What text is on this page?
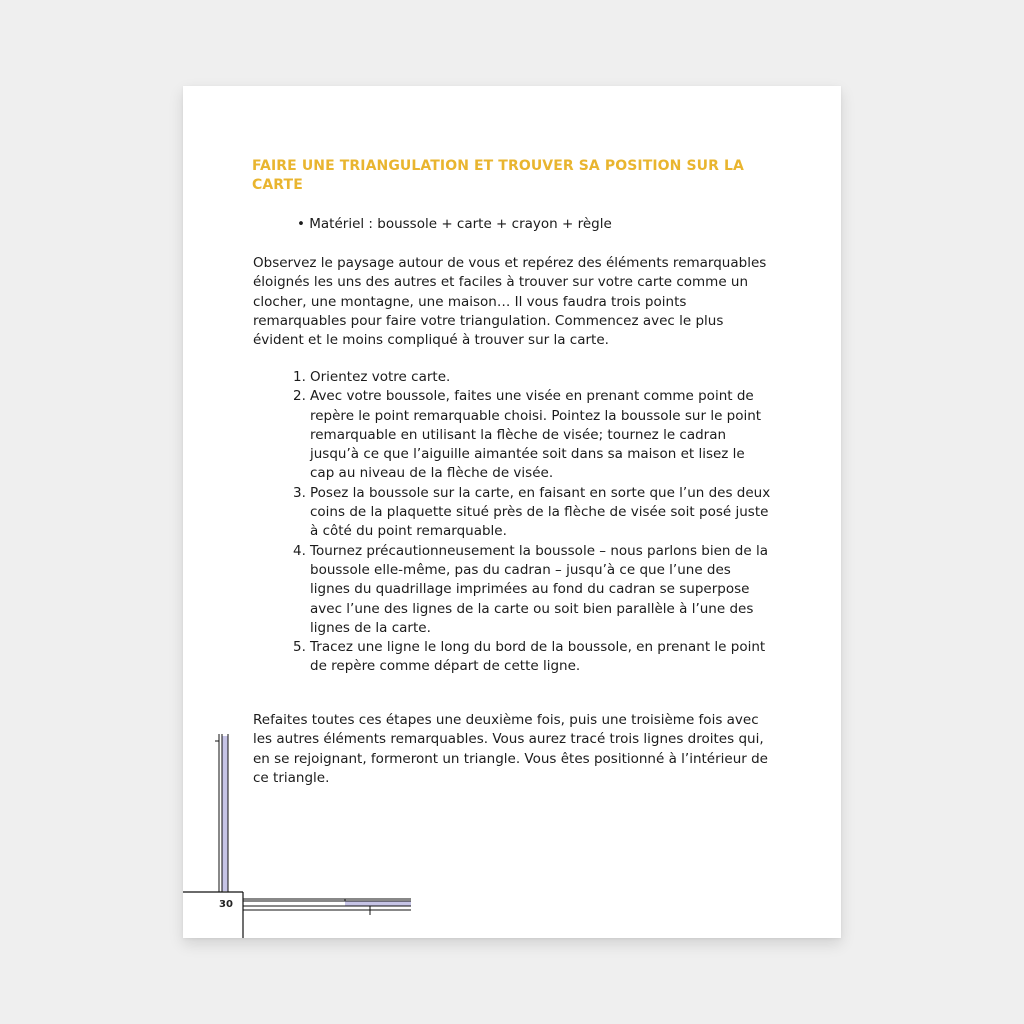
FAIRE UNE TRIANGULATION ET TROUVER SA POSITION SUR LA CARTE
• Matériel : boussole + carte + crayon + règle

Observez le paysage autour de vous et repérez des éléments remarquables éloignés les uns des autres et faciles à trouver sur votre carte comme un clocher, une montagne, une maison… Il vous faudra trois points remarquables pour faire votre triangulation. Commencez avec le plus évident et le moins compliqué à trouver sur la carte.

1. Orientez votre carte.
2. Avec votre boussole, faites une visée en prenant comme point de repère le point remarquable choisi. Pointez la boussole sur le point remarquable en utilisant la flèche de visée; tournez le cadran jusqu’à ce que l’aiguille aimantée soit dans sa maison et lisez le cap au niveau de la flèche de visée.
3. Posez la boussole sur la carte, en faisant en sorte que l’un des deux coins de la plaquette situé près de la flèche de visée soit posé juste à côté du point remarquable.
4. Tournez précautionneusement la boussole – nous parlons bien de la boussole elle-même, pas du cadran – jusqu’à ce que l’une des lignes du quadrillage imprimées au fond du cadran se superpose avec l’une des lignes de la carte ou soit bien parallèle à l’une des lignes de la carte.
5. Tracez une ligne le long du bord de la boussole, en prenant le point de repère comme départ de cette ligne.

Refaites toutes ces étapes une deuxième fois, puis une troisième fois avec les autres éléments remarquables. Vous aurez tracé trois lignes droites qui, en se rejoignant, formeront un triangle. Vous êtes positionné à l’intérieur de ce triangle.

30
